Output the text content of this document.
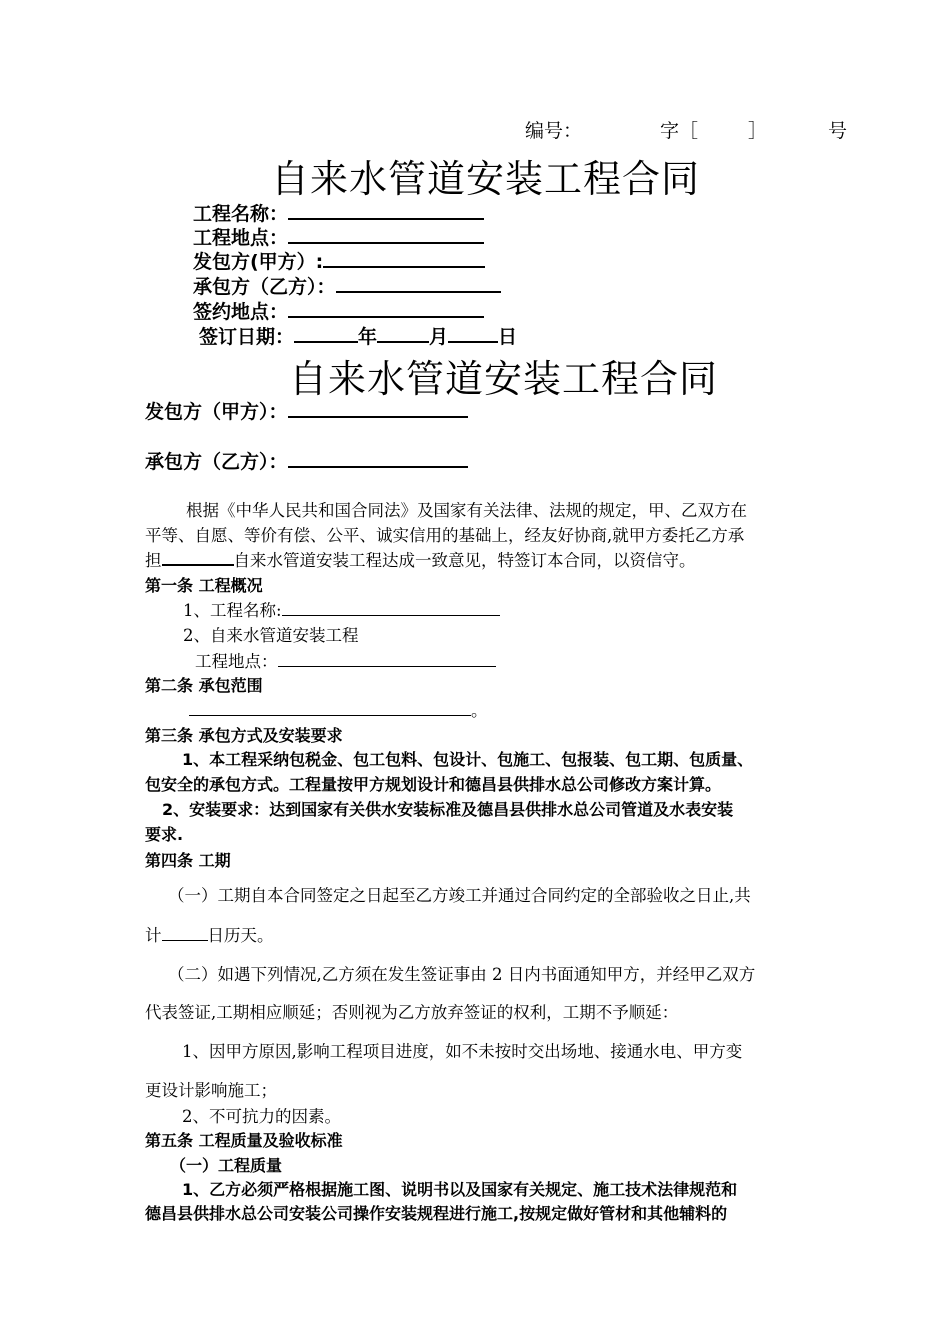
编号：	字［	］	号
自来水管道安装工程合同
工程名称：
工程地点：
发包方(甲方）:
承包方（乙方）：
签约地点：
签订日期：	年	月	日
自来水管道安装工程合同
发包方（甲方）：
承包方（乙方）：
根据《中华人民共和国合同法》及国家有关法律、法规的规定，甲、乙双方在
平等、自愿、等价有偿、公平、诚实信用的基础上，经友好协商,就甲方委托乙方承
担	自来水管道安装工程达成一致意见，特签订本合同，以资信守。
第一条 工程概况
1、工程名称:
2、自来水管道安装工程
工程地点：
第二条 承包范围
。
第三条 承包方式及安装要求
1、本工程采纳包税金、包工包料、包设计、包施工、包报装、包工期、包质量、
包安全的承包方式。工程量按甲方规划设计和德昌县供排水总公司修改方案计算。
2、安装要求：达到国家有关供水安装标准及德昌县供排水总公司管道及水表安装
要求.
第四条 工期
（一）工期自本合同签定之日起至乙方竣工并通过合同约定的全部验收之日止,共
计	日历天。
（二）如遇下列情况,乙方须在发生签证事由 2 日内书面通知甲方，并经甲乙双方
代表签证,工期相应顺延；否则视为乙方放弃签证的权利，工期不予顺延：
1、因甲方原因,影响工程项目进度，如不未按时交出场地、接通水电、甲方变
更设计影响施工；
2、不可抗力的因素。
第五条 工程质量及验收标准
（一）工程质量
1、乙方必须严格根据施工图、说明书以及国家有关规定、施工技术法律规范和
德昌县供排水总公司安装公司操作安装规程进行施工,按规定做好管材和其他辅料的
